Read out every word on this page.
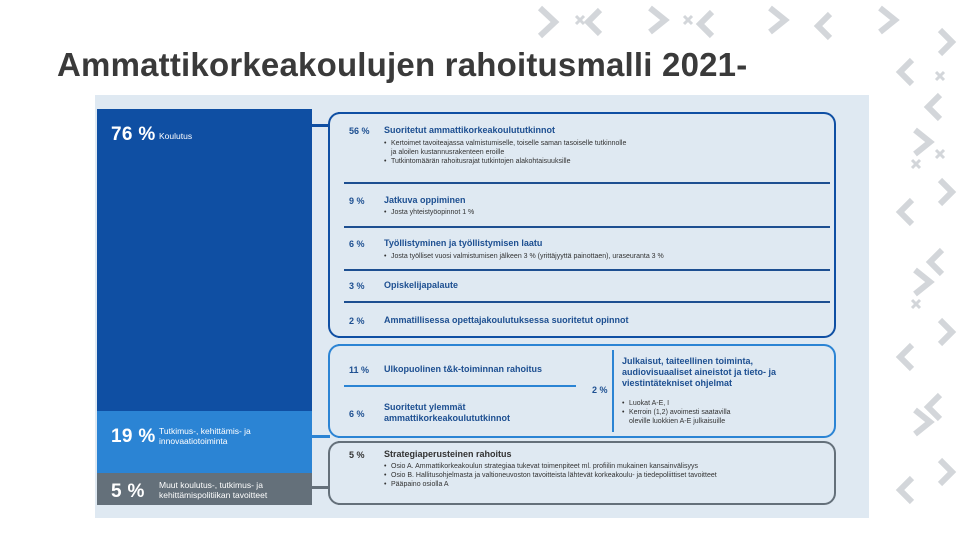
Ammattikorkeakoulujen rahoitusmalli 2021-
76 % Koulutus
19 % Tutkimus-, kehittämis- ja innovaatiotoiminta
5 % Muut koulutus-, tutkimus- ja kehittämispolitiikan tavoitteet
56 % Suoritetut ammattikorkeakoulututkinnot
• Kertoimet tavoiteajassa valmistumiselle, toiselle saman tasoiselle tutkinnolle
ja aloilen kustannusrakenteen eroille
• Tutkintomäärän rahoitusrajat tutkintojen alakohtaisuuksille
9 % Jatkuva oppiminen
• Josta yhteistyöopinnot 1 %
6 % Työllistyminen ja työllistymisen laatu
• Josta työlliset vuosi valmistumisen jälkeen 3 % (yrittäjyyttä painottaen), uraseuranta 3 %
3 % Opiskelijapalaute
2 % Ammatillisessa opettajakoulutuksessa suoritetut opinnot
11 % Ulkopuolinen t&k-toiminnan rahoitus
6 %
Suoritetut ylemmät ammattikorkeakoulututkinnot
2 %
Julkaisut, taiteellinen toiminta, audiovisuaaliset aineistot ja tieto- ja viestintätekniset ohjelmat
• Luokat A-E, I
• Kerroin (1,2) avoimesti saatavilla
oleville luokkien A-E julkaisuille
5 % Strategiaperusteinen rahoitus
• Osio A. Ammattikorkeakoulun strategiaa tukevat toimenpiteet ml. profiilin mukainen kansainvälisyys
• Osio B. Hallitusohjelmasta ja valtioneuvoston tavoitteista lähtevät korkeakoulu- ja tiedepoliittiset tavoitteet
• Pääpaino osiolla A
